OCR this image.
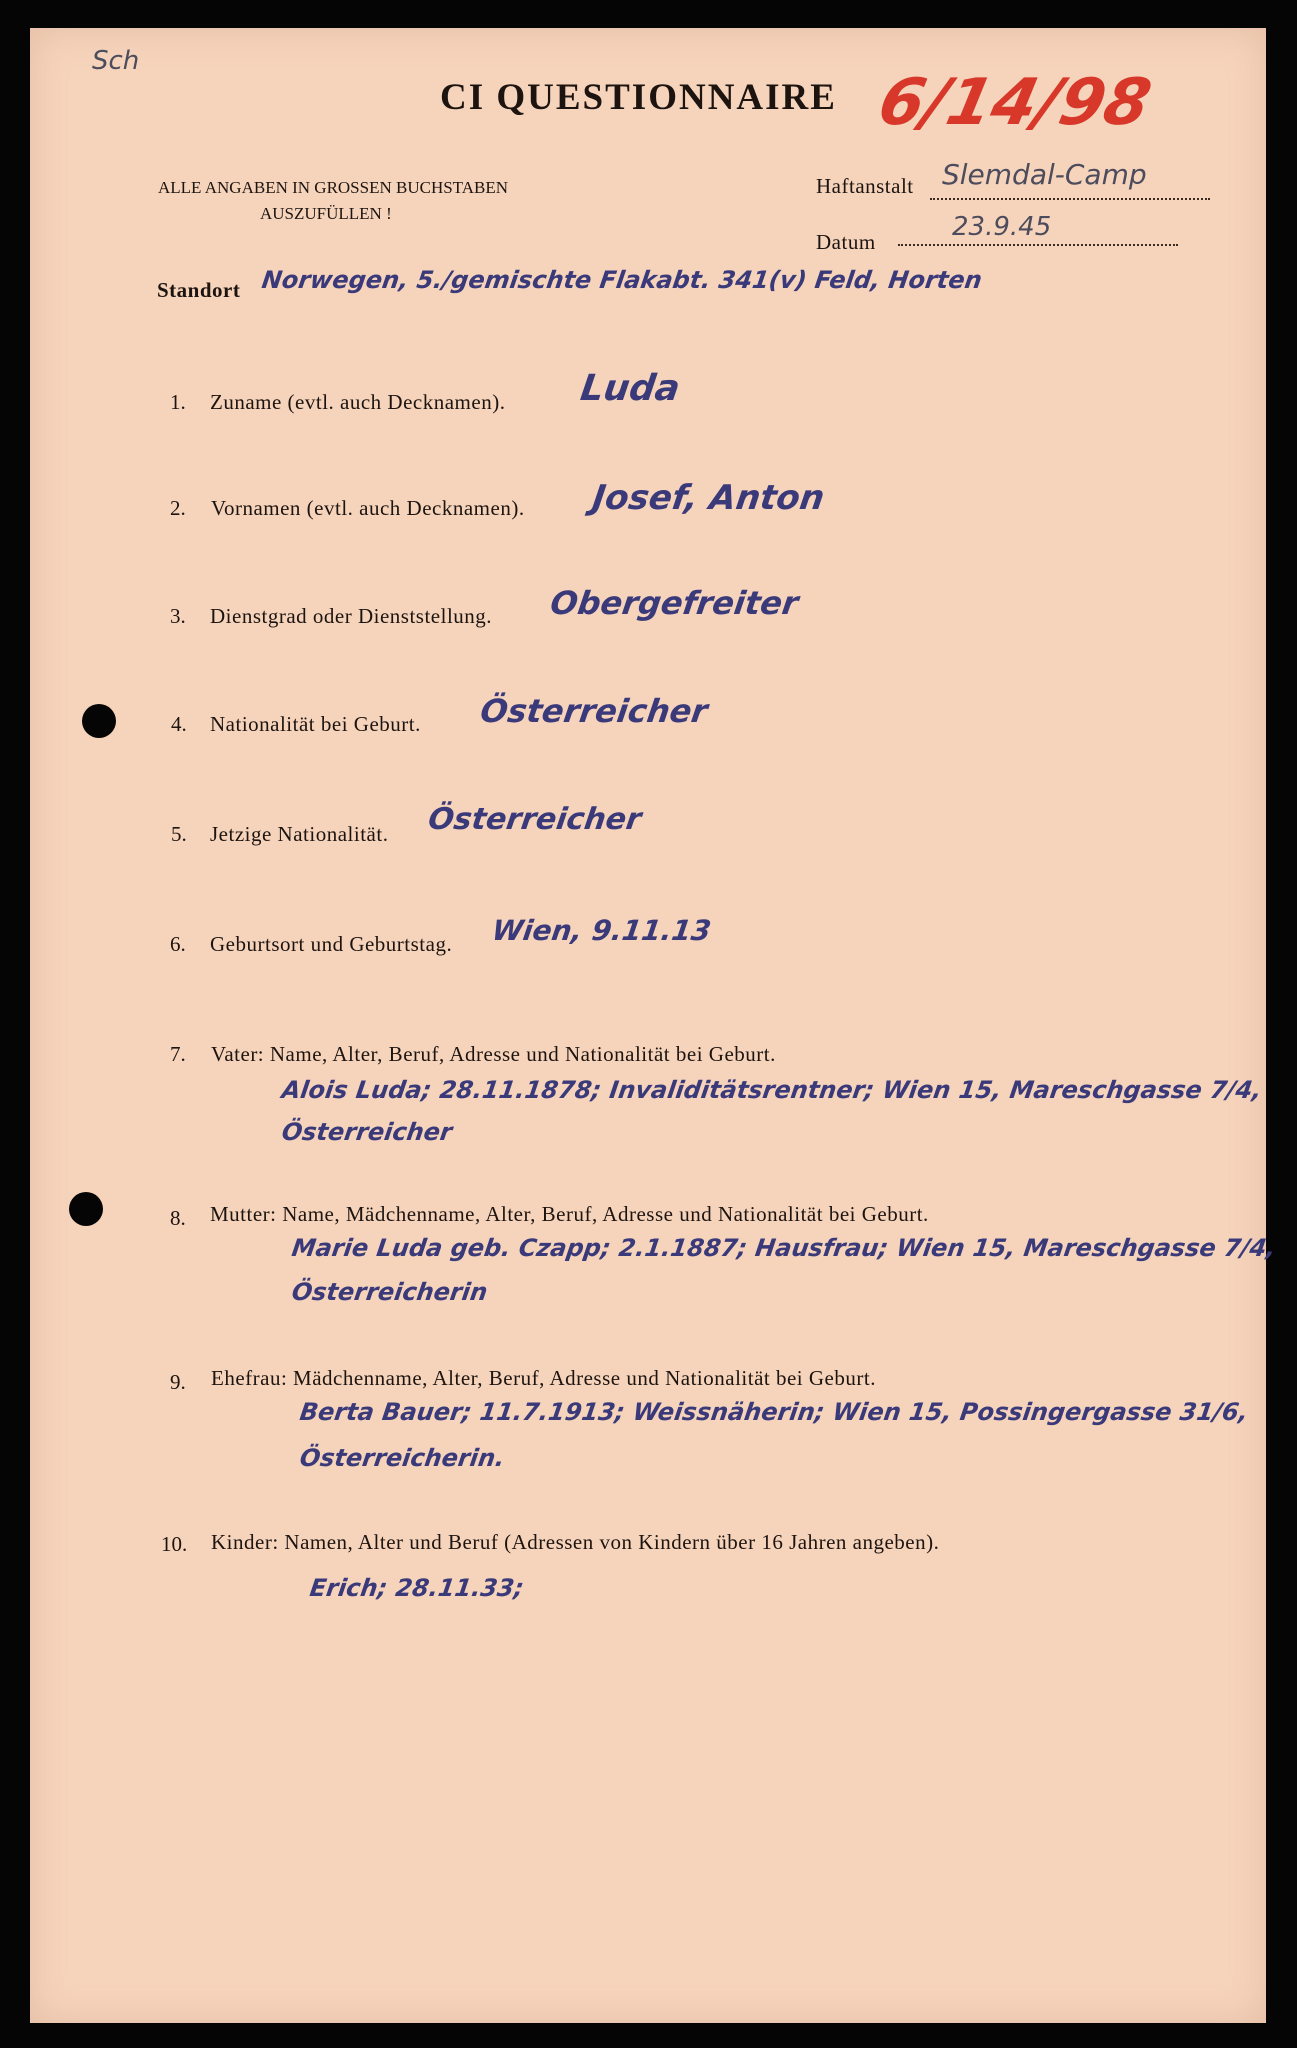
Sch
CI QUESTIONNAIRE 6/14/98
ALLE ANGABEN IN GROSSEN BUCHSTABEN
AUSZUFÜLLEN !
Haftanstalt Slemdal-Camp
Datum	23.9.45
Standort Norwegen, 5./gemischte Flakabt. 341(v) Feld, Horten
1. Zuname (evtl. auch Decknamen). Luda
2. Vornamen (evtl. auch Decknamen). Josef, Anton
3. Dienstgrad oder Dienststellung. Obergefreiter
4. Nationalität bei Geburt. Österreicher
5. Jetzige Nationalität. Österreicher
6. Geburtsort und Geburtstag. Wien, 9.11.13
7. Vater: Name, Alter, Beruf, Adresse und Nationalität bei Geburt.
Alois Luda; 28.11.1878; Invaliditätsrentner; Wien 15, Mareschgasse 7/4,
Österreicher
8. Mutter: Name, Mädchenname, Alter, Beruf, Adresse und Nationalität bei Geburt.
Marie Luda geb. Czapp; 2.1.1887; Hausfrau; Wien 15, Mareschgasse 7/4,
Österreicherin
9. Ehefrau: Mädchenname, Alter, Beruf, Adresse und Nationalität bei Geburt.
Berta Bauer; 11.7.1913; Weissnäherin; Wien 15, Possingergasse 31/6,
Österreicherin.
10. Kinder: Namen, Alter und Beruf (Adressen von Kindern über 16 Jahren angeben).
Erich; 28.11.33;
